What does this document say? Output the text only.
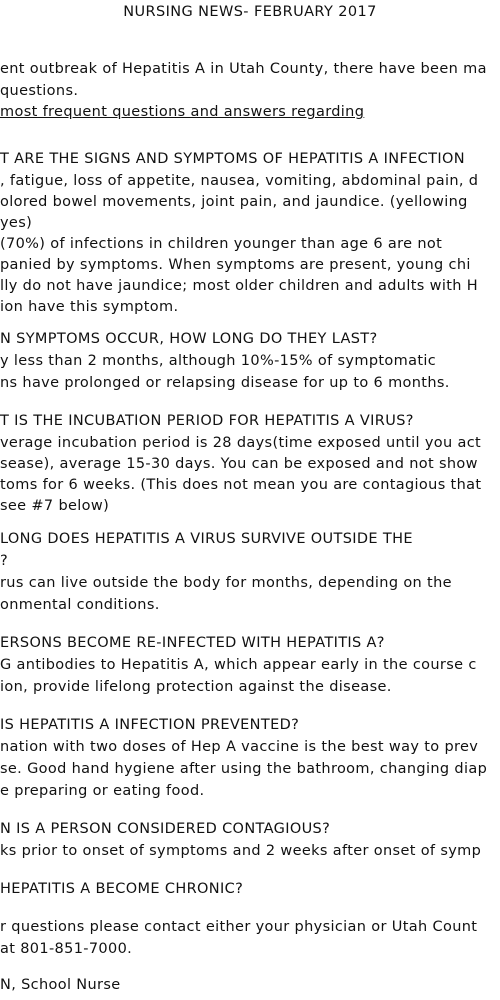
NURSING NEWS- FEBRUARY 2017
ent outbreak of Hepatitis A in Utah County, there have been ma
questions.
most frequent questions and answers regarding
T ARE THE SIGNS AND SYMPTOMS OF HEPATITIS A INFECTION
, fatigue, loss of appetite, nausea, vomiting, abdominal pain, d
olored bowel movements, joint pain, and jaundice. (yellowing
yes)
(70%) of infections in children younger than age 6 are not
panied by symptoms. When symptoms are present, young chi
lly do not have jaundice; most older children and adults with H
ion have this symptom.
N SYMPTOMS OCCUR, HOW LONG DO THEY LAST?
y less than 2 months, although 10%-15% of symptomatic
ns have prolonged or relapsing disease for up to 6 months.
T IS THE INCUBATION PERIOD FOR HEPATITIS A VIRUS?
verage incubation period is 28 days(time exposed until you act
sease), average 15-30 days. You can be exposed and not show
toms for 6 weeks. (This does not mean you are contagious that
see #7 below)
LONG DOES HEPATITIS A VIRUS SURVIVE OUTSIDE THE
?
rus can live outside the body for months, depending on the
onmental conditions.
ERSONS BECOME RE-INFECTED WITH HEPATITIS A?
G antibodies to Hepatitis A, which appear early in the course c
ion, provide lifelong protection against the disease.
IS HEPATITIS A INFECTION PREVENTED?
nation with two doses of Hep A vaccine is the best way to prev
se. Good hand hygiene after using the bathroom, changing diap
e preparing or eating food.
N IS A PERSON CONSIDERED CONTAGIOUS?
ks prior to onset of symptoms and 2 weeks after onset of symp
HEPATITIS A BECOME CHRONIC?
r questions please contact either your physician or Utah Count
at 801-851-7000.
N, School Nurse
